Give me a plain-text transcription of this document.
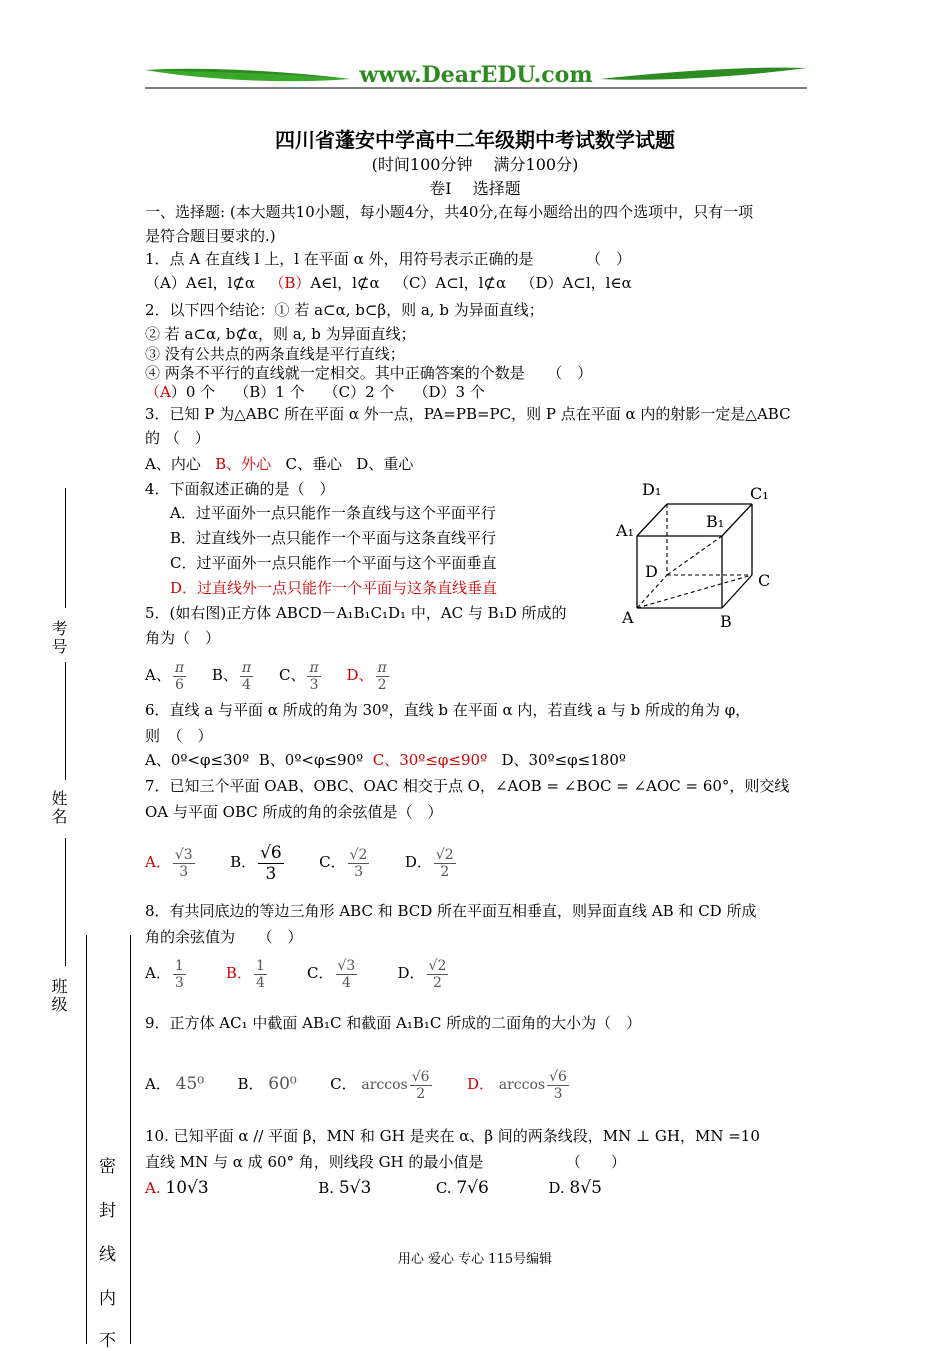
www.DearEDU.com
四川省蓬安中学高中二年级期中考试数学试题
(时间100分钟　 满分100分)
卷I　 选择题
一、选择题: (本大题共10小题，每小题4分，共40分,在每小题给出的四个选项中，只有一项
是符合题目要求的.)
1．点 A 在直线 l 上，l 在平面 α 外，用符号表示正确的是　　　　（　）
（A）A∈l，l⊄α （B）A∈l，l⊄α （C）A⊂l，l⊄α （D）A⊂l，l∈α
2．以下四个结论：① 若 a⊂α, b⊂β，则 a, b 为异面直线；
② 若 a⊂α, b⊄α，则 a, b 为异面直线；
③ 没有公共点的两条直线是平行直线；
④ 两条不平行的直线就一定相交。其中正确答案的个数是　　（　）
（A）0 个 （B）1 个 （C）2 个 （D）3 个
3．已知 P 为△ABC 所在平面 α 外一点，PA=PB=PC，则 P 点在平面 α 内的射影一定是△ABC
的 （　）
A、内心 B、外心 C、垂心 D、重心
4．下面叙述正确的是（　）
A．过平面外一点只能作一条直线与这个平面平行
B．过直线外一点只能作一个平面与这条直线平行
C．过平面外一点只能作一个平面与这个平面垂直
D．过直线外一点只能作一个平面与这条直线垂直
D₁	C₁
A₁	B₁
D	C
A	B
5．(如右图)正方体 ABCD－A₁B₁C₁D₁ 中，AC 与 B₁D 所成的
角为（　）
A、 $\frac{\pi}{6}$ B、 $\frac{\pi}{4}$ C、 $\frac{\pi}{3}$ D、 $\frac{\pi}{2}$
6．直线 a 与平面 α 所成的角为 30º，直线 b 在平面 α 内，若直线 a 与 b 所成的角为 φ，
则　（　）
A、0º<φ≤30º B、0º<φ≤90º C、30º≤φ≤90º D、30º≤φ≤180º
7．已知三个平面 OAB、OBC、OAC 相交于点 O，∠AOB = ∠BOC = ∠AOC = 60°，则交线
OA 与平面 OBC 所成的角的余弦值是（　）
A． $\frac{√3}{3}$ B． $\frac{√6}{3}$ C． $\frac{√2}{3}$ D． $\frac{√2}{2}$
8．有共同底边的等边三角形 ABC 和 BCD 所在平面互相垂直，则异面直线 AB 和 CD 所成
角的余弦值为　　（　）
A． $\frac{1}{3}$	B． $\frac{1}{4}$	C． $\frac{√3}{4}$	D． $\frac{√2}{2}$
9．正方体 AC₁ 中截面 AB₁C 和截面 A₁B₁C 所成的二面角的大小为（　）
A． 45⁰ B． 60⁰ C． $\arccos \frac{√6}{2}$ D． $\arccos \frac{√6}{3}$
10. 已知平面 α // 平面 β，MN 和 GH 是夹在 α、β 间的两条线段，MN ⊥ GH，MN =10
直线 MN 与 α 成 60° 角，则线段 GH 的最小值是　　　　　　（　　）
A. 10√3	B. 5√3	C. 7√6	D. 8√5
考号
姓名
班级
密
封
线
内
不
用心 爱心 专心 115号编辑
